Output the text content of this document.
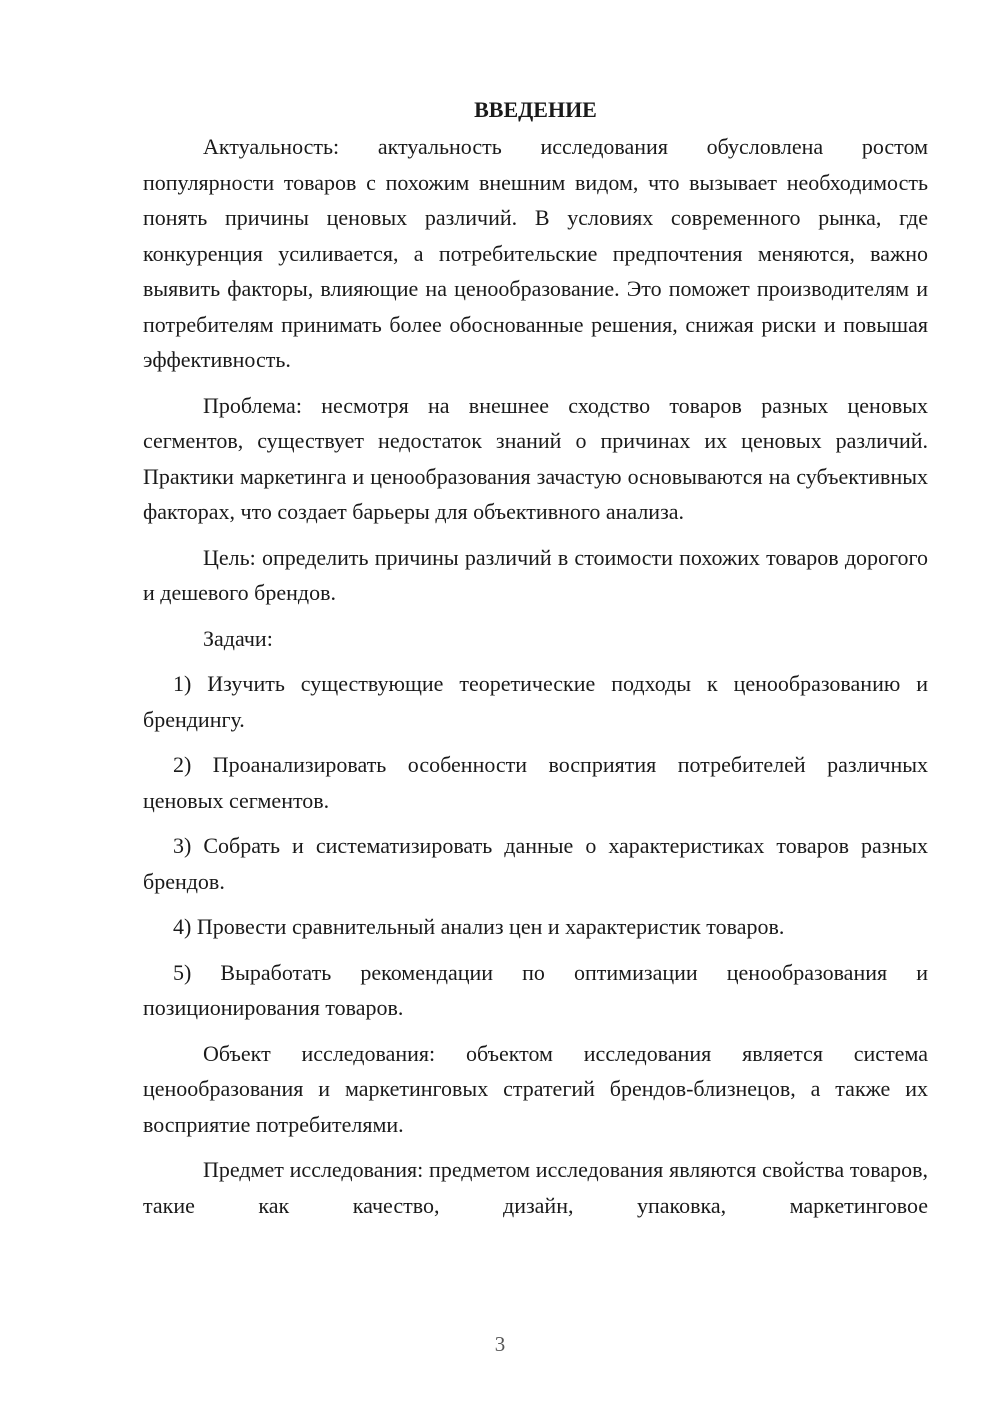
ВВЕДЕНИЕ

Актуальность: актуальность исследования обусловлена ростом популярности товаров с похожим внешним видом, что вызывает необходимость понять причины ценовых различий. В условиях современного рынка, где конкуренция усиливается, а потребительские предпочтения меняются, важно выявить факторы, влияющие на ценообразование. Это поможет производителям и потребителям принимать более обоснованные решения, снижая риски и повышая эффективность.

Проблема: несмотря на внешнее сходство товаров разных ценовых сегментов, существует недостаток знаний о причинах их ценовых различий. Практики маркетинга и ценообразования зачастую основываются на субъективных факторах, что создает барьеры для объективного анализа.

Цель: определить причины различий в стоимости похожих товаров дорогого и дешевого брендов.

Задачи:

1) Изучить существующие теоретические подходы к ценообразованию и брендингу.

2) Проанализировать особенности восприятия потребителей различных ценовых сегментов.

3) Собрать и систематизировать данные о характеристиках товаров разных брендов.

4) Провести сравнительный анализ цен и характеристик товаров.

5) Выработать рекомендации по оптимизации ценообразования и позиционирования товаров.

Объект исследования: объектом исследования является система ценообразования и маркетинговых стратегий брендов-близнецов, а также их восприятие потребителями.

Предмет исследования: предметом исследования являются свойства товаров, такие как качество, дизайн, упаковка, маркетинговое

3
